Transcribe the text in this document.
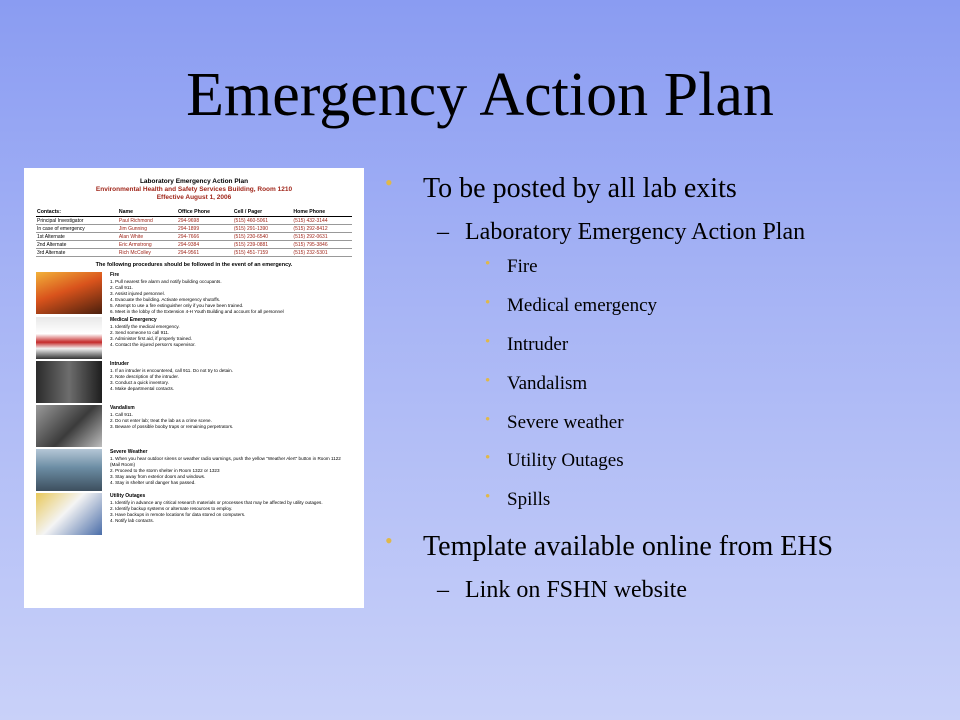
Emergency Action Plan
Laboratory Emergency Action Plan
Environmental Health and Safety Services Building, Room 1210
Effective August 1, 2006
Contacts:	Name	Office Phone	Cell / Pager	Home Phone
Principal Investigator	Paul Richmond	294-9698	(515) 460-5061	(515) 432-3144
In case of emergency	Jim Gunning	294-1899	(515) 291-1390	(515) 292-8412
1st Alternate	Alan White	294-7666	(515) 230-6540	(515) 292-0631
2nd Alternate	Eric Armstrong	294-9384	(515) 239-0881	(515) 795-3846
3rd Alternate	Rich McColley	294-9561	(515) 451-7159	(515) 232-5301
The following procedures should be followed in the event of an emergency.
Fire
1. Pull nearest fire alarm and notify building occupants.
2. Call 911.
3. Assist injured personnel.
4. Evacuate the building. Activate emergency shutoffs.
5. Attempt to use a fire extinguisher only if you have been trained.
6. Meet in the lobby of the Extension 4-H Youth Building and account for all personnel
Medical Emergency
1. Identify the medical emergency.
2. Send someone to call 911.
3. Administer first aid, if properly trained.
4. Contact the injured person's supervisor.
Intruder
1. If an intruder is encountered, call 911. Do not try to detain.
2. Note description of the intruder.
3. Conduct a quick inventory.
4. Make departmental contacts.
Vandalism
1. Call 911.
2. Do not enter lab; treat the lab as a crime scene.
3. Beware of possible booby traps or remaining perpetrators.
Severe Weather
1. When you hear outdoor sirens or weather radio warnings, push the yellow "Weather Alert" button in Room 1122 (Mail Room)
2. Proceed to the storm shelter in Room 1322 or 1323
3. Stay away from exterior doors and windows.
4. Stay in shelter until danger has passed.
Utility Outages
1. Identify in advance any critical research materials or processes that may be affected by utility outages.
2. Identify backup systems or alternate resources to employ.
3. Have backups in remote locations for data stored on computers.
4. Notify lab contacts.
• To be posted by all lab exits
– Laboratory Emergency Action Plan
• Fire
• Medical emergency
• Intruder
• Vandalism
• Severe weather
• Utility Outages
• Spills
• Template available online from EHS
– Link on FSHN website
